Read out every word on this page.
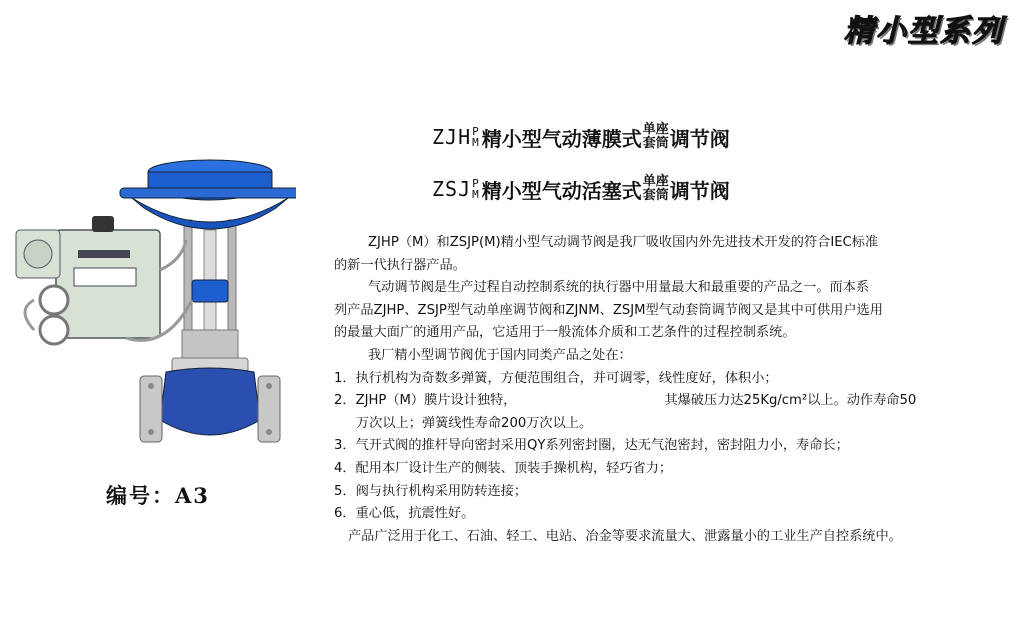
精小型系列
ZJH P
M 精小型气动薄膜式 单座
套筒 调节阀
ZSJ P
M 精小型气动活塞式 单座
套筒 调节阀

ZJHP（M）和ZSJP(M)精小型气动调节阀是我厂吸收国内外先进技术开发的符合IEC标准

的新一代执行器产品。

气动调节阀是生产过程自动控制系统的执行器中用量最大和最重要的产品之一。而本系

列产品ZJHP、ZSJP型气动单座调节阀和ZJNM、ZSJM型气动套筒调节阀又是其中可供用户选用

的最量大面广的通用产品，它适用于一般流体介质和工艺条件的过程控制系统。

我厂精小型调节阀优于国内同类产品之处在：

1．执行机构为奇数多弹簧，方便范围组合，并可调零，线性度好，体积小；

2．ZJHP（M）膜片设计独特，	其爆破压力达25Kg/cm²以上。动作寿命50

万次以上；弹簧线性寿命200万次以上。

3．气开式阀的推杆导向密封采用QY系列密封圈，达无气泡密封，密封阻力小，寿命长；

4．配用本厂设计生产的侧装、顶装手操机构，轻巧省力；

5．阀与执行机构采用防转连接；

6．重心低，抗震性好。

产品广泛用于化工、石油、轻工、电站、冶金等要求流量大、泄露量小的工业生产自控系统中。

编号：A3
